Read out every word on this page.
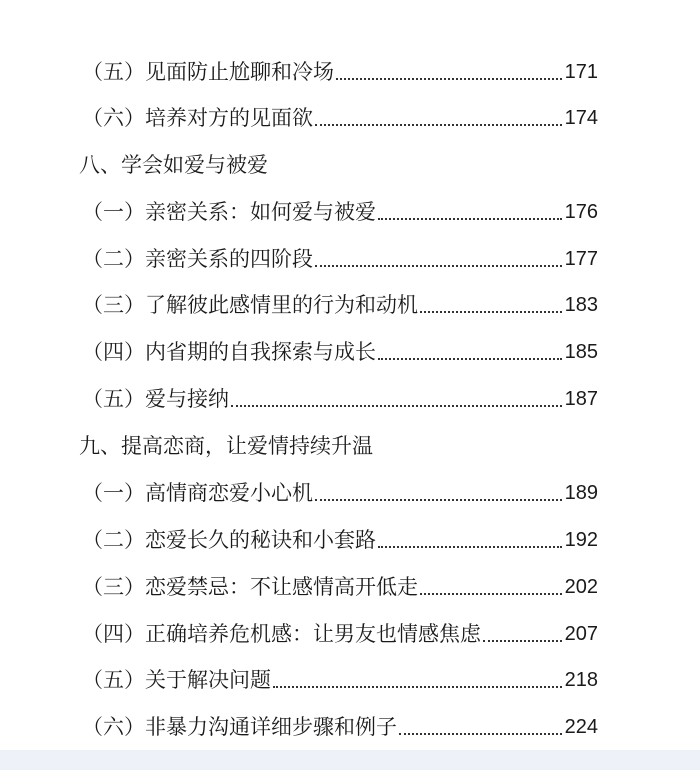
（五）见面防止尬聊和冷场	171
（六）培养对方的见面欲	174
八、学会如爱与被爱
（一）亲密关系：如何爱与被爱	176
（二）亲密关系的四阶段	177
（三）了解彼此感情里的行为和动机	183
（四）内省期的自我探索与成长	185
（五）爱与接纳	187
九、提高恋商，让爱情持续升温
（一）高情商恋爱小心机	189
（二）恋爱长久的秘诀和小套路	192
（三）恋爱禁忌：不让感情高开低走	202
（四）正确培养危机感：让男友也情感焦虑	207
（五）关于解决问题	218
（六）非暴力沟通详细步骤和例子	224
